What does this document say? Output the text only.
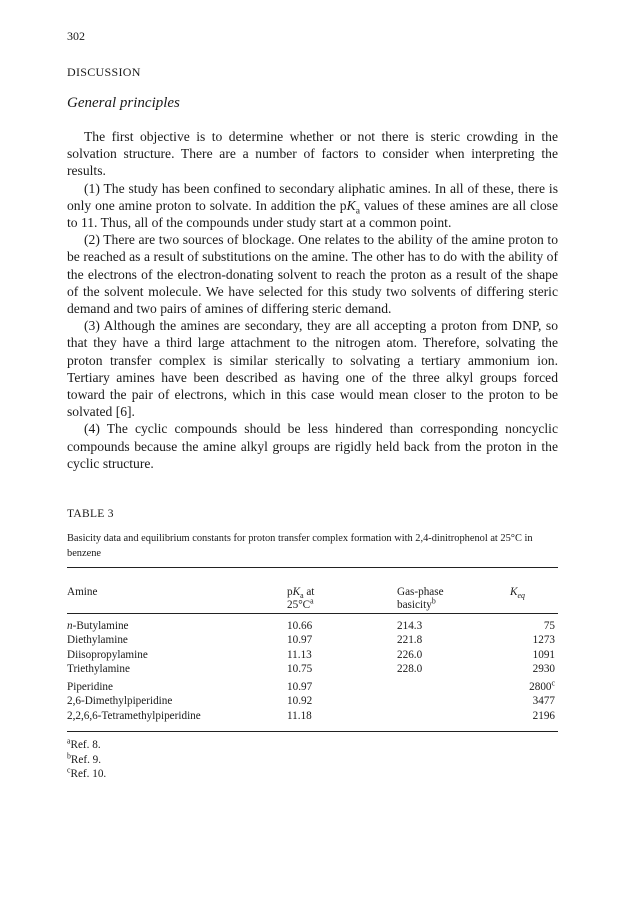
302
DISCUSSION
General principles

The first objective is to determine whether or not there is steric crowding in the solvation structure. There are a number of factors to consider when interpreting the results.

(1) The study has been confined to secondary aliphatic amines. In all of these, there is only one amine proton to solvate. In addition the $pK_a$ values of these amines are all close to 11. Thus, all of the compounds under study start at a common point.

(2) There are two sources of blockage. One relates to the ability of the amine proton to be reached as a result of substitutions on the amine. The other has to do with the ability of the electrons of the electron-donating solvent to reach the proton as a result of the shape of the solvent molecule. We have selected for this study two solvents of differing steric demand and two pairs of amines of differing steric demand.

(3) Although the amines are secondary, they are all accepting a proton from DNP, so that they have a third large attachment to the nitrogen atom. Therefore, solvating the proton transfer complex is similar sterically to solvating a tertiary ammonium ion. Tertiary amines have been described as having one of the three alkyl groups forced toward the pair of electrons, which in this case would mean closer to the proton to be solvated [6].

(4) The cyclic compounds should be less hindered than corresponding noncyclic compounds because the amine alkyl groups are rigidly held back from the proton in the cyclic structure.

TABLE 3
Basicity data and equilibrium constants for proton transfer complex formation with 2,4-dinitrophenol at 25°C in benzene
Amine	$pK_a$ at
$25^\circ C^a$
Gas-phase
basicity$^b$
$K_{eq}$
n-Butylamine
Diethylamine
Diisopropylamine
Triethylamine
10.66
10.97
11.13
10.75
214.3
221.8
226.0
228.0
75
1273
1091
2930
Piperidine
2,6-Dimethylpiperidine
2,2,6,6-Tetramethylpiperidine
10.97
10.92
11.18
2800$^c$
3477
2196
$^a$Ref. 8.
$^b$Ref. 9.
$^c$Ref. 10.
